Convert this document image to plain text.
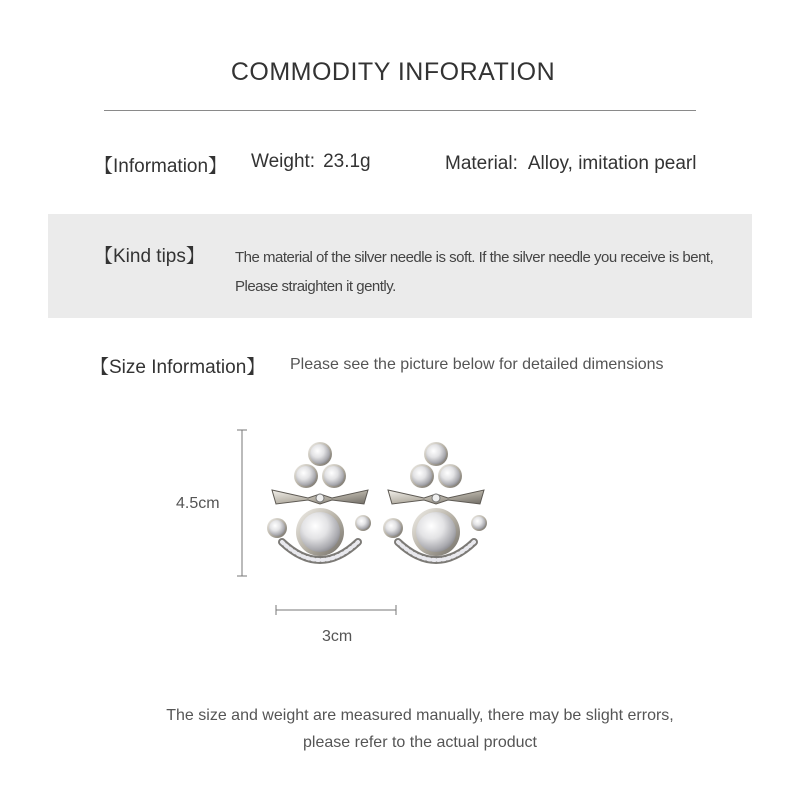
COMMODITY INFORATION
【Information】 Weight: 23.1g	Material: Alloy, imitation pearl
【Kind tips】 The material of the silver needle is soft. If the silver needle you receive is bent,
Please straighten it gently.
【Size Information】 Please see the picture below for detailed dimensions
4.5cm
3cm
The size and weight are measured manually, there may be slight errors,
please refer to the actual product
